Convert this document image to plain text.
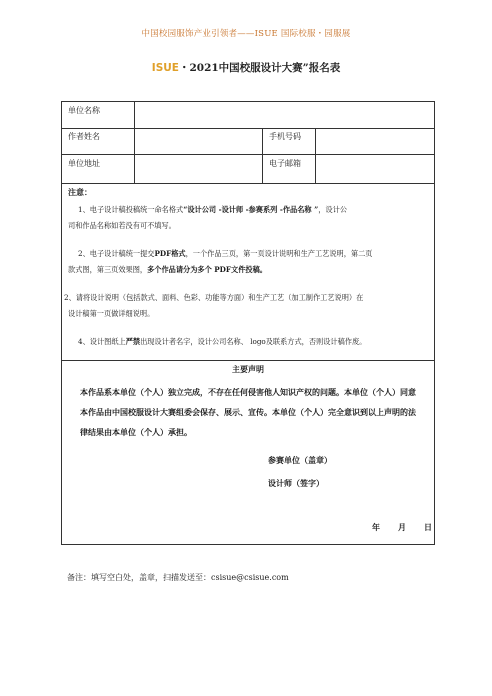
中国校园服饰产业引领者——ISUE 国际校服・园服展
ISUE・2021中国校服设计大赛”报名表
单位名称
作者姓名	手机号码
单位地址	电子邮箱
注意：

1、电子设计稿投稿统一命名格式“设计公司 -设计师 -参赛系列 -作品名称 ”，设计公

司和作品名称如若没有可不填写。

2、电子设计稿统一提交PDF格式，一个作品三页，第一页设计说明和生产工艺说明，第二页

款式图，第三页效果图，多个作品请分为多个 PDF文件投稿。

2、请将设计说明（包括款式、面料、色彩、功能等方面）和生产工艺（加工制作工艺说明）在

设计稿第一页做详细说明。

4、设计图纸上严禁出现设计者名字，设计公司名称、 logo及联系方式，否则设计稿作废。

主要声明
本作品系本单位（个人）独立完成，不存在任何侵害他人知识产权的问题。本单位（个人）同意本作品由中国校服设计大赛组委会保存、展示、宣传。本单位（个人）完全意识到以上声明的法律结果由本单位（个人）承担。
参赛单位（盖章）
设计师（签字）
年 月 日
备注：填写空白处，盖章，扫描发送至：csisue@csisue.com
